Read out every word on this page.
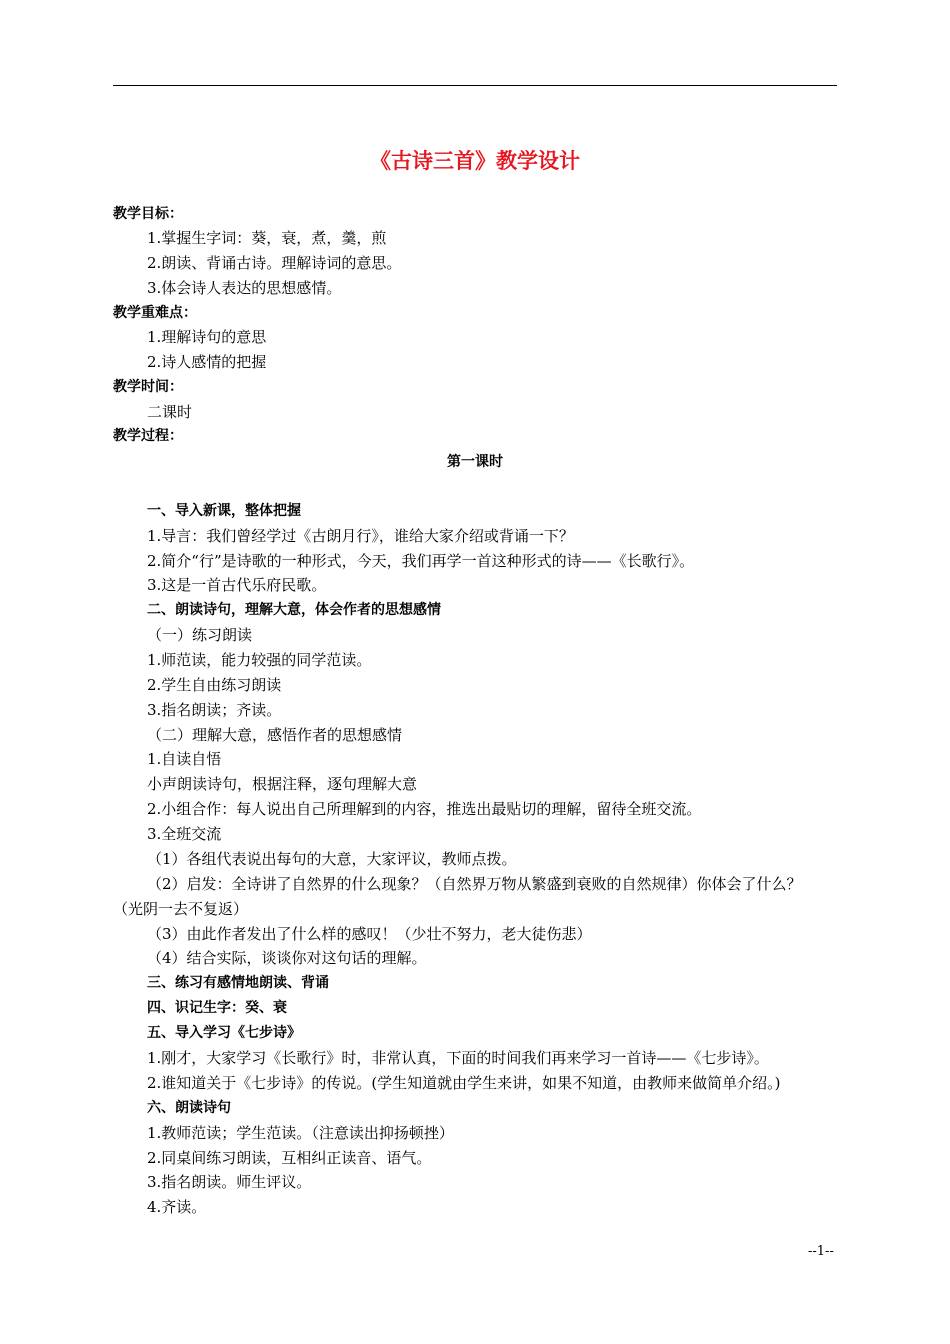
《古诗三首》教学设计
教学目标：
1.掌握生字词：葵，衰，煮，羹，煎
2.朗读、背诵古诗。理解诗词的意思。
3.体会诗人表达的思想感情。
教学重难点：
1.理解诗句的意思
2.诗人感情的把握
教学时间：
二课时
教学过程：
第一课时
一、导入新课，整体把握
1.导言：我们曾经学过《古朗月行》，谁给大家介绍或背诵一下？
2.简介“行”是诗歌的一种形式，今天，我们再学一首这种形式的诗——《长歌行》。
3.这是一首古代乐府民歌。
二、朗读诗句，理解大意，体会作者的思想感情
（一）练习朗读
1.师范读，能力较强的同学范读。
2.学生自由练习朗读
3.指名朗读；齐读。
（二）理解大意，感悟作者的思想感情
1.自读自悟
小声朗读诗句，根据注释，逐句理解大意
2.小组合作：每人说出自己所理解到的内容，推选出最贴切的理解，留待全班交流。
3.全班交流
（1）各组代表说出每句的大意，大家评议，教师点拨。
（2）启发：全诗讲了自然界的什么现象？（自然界万物从繁盛到衰败的自然规律）你体会了什么？
（光阴一去不复返）
（3）由此作者发出了什么样的感叹！（少壮不努力，老大徒伤悲）
（4）结合实际，谈谈你对这句话的理解。
三、练习有感情地朗读、背诵
四、识记生字：癸、衰
五、导入学习《七步诗》
1.刚才，大家学习《长歌行》时，非常认真，下面的时间我们再来学习一首诗——《七步诗》。
2.谁知道关于《七步诗》的传说。(学生知道就由学生来讲，如果不知道，由教师来做简单介绍。)
六、朗读诗句
1.教师范读；学生范读。（注意读出抑扬顿挫）
2.同桌间练习朗读，互相纠正读音、语气。
3.指名朗读。师生评议。
4.齐读。
--1--
